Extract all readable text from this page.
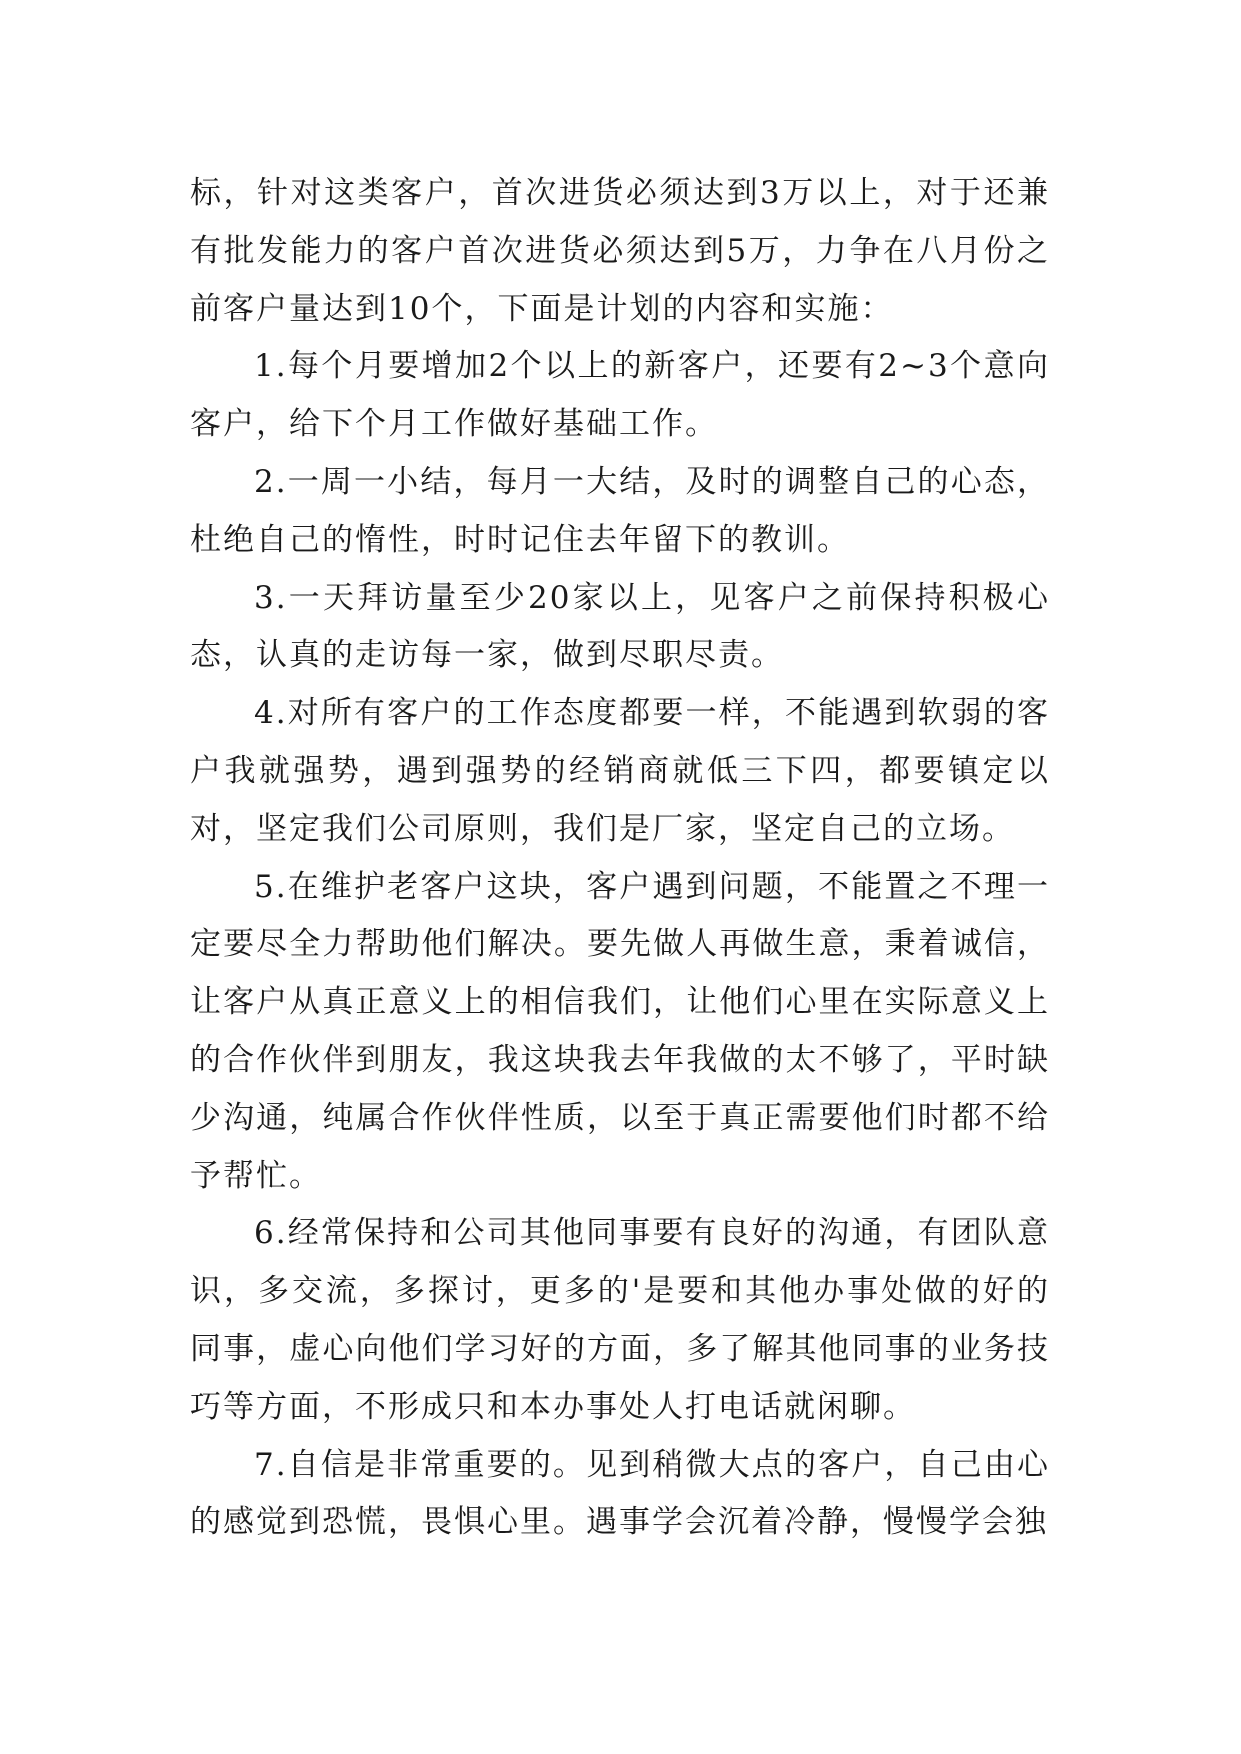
标，针对这类客户，首次进货必须达到3万以上，对于还兼有批发能力的客户首次进货必须达到5万，力争在八月份之前客户量达到10个，下面是计划的内容和实施：

1.每个月要增加2个以上的新客户，还要有2~3个意向客户，给下个月工作做好基础工作。

2.一周一小结，每月一大结，及时的调整自己的心态，杜绝自己的惰性，时时记住去年留下的教训。

3.一天拜访量至少20家以上，见客户之前保持积极心态，认真的走访每一家，做到尽职尽责。

4.对所有客户的工作态度都要一样，不能遇到软弱的客户我就强势，遇到强势的经销商就低三下四，都要镇定以对，坚定我们公司原则，我们是厂家，坚定自己的立场。

5.在维护老客户这块，客户遇到问题，不能置之不理一定要尽全力帮助他们解决。要先做人再做生意，秉着诚信，让客户从真正意义上的相信我们，让他们心里在实际意义上的合作伙伴到朋友，我这块我去年我做的太不够了，平时缺少沟通，纯属合作伙伴性质，以至于真正需要他们时都不给予帮忙。

6.经常保持和公司其他同事要有良好的沟通，有团队意识，多交流，多探讨，更多的'是要和其他办事处做的好的同事，虚心向他们学习好的方面，多了解其他同事的业务技巧等方面，不形成只和本办事处人打电话就闲聊。

7.自信是非常重要的。见到稍微大点的客户，自己由心的感觉到恐慌，畏惧心里。遇事学会沉着冷静，慢慢学会独
